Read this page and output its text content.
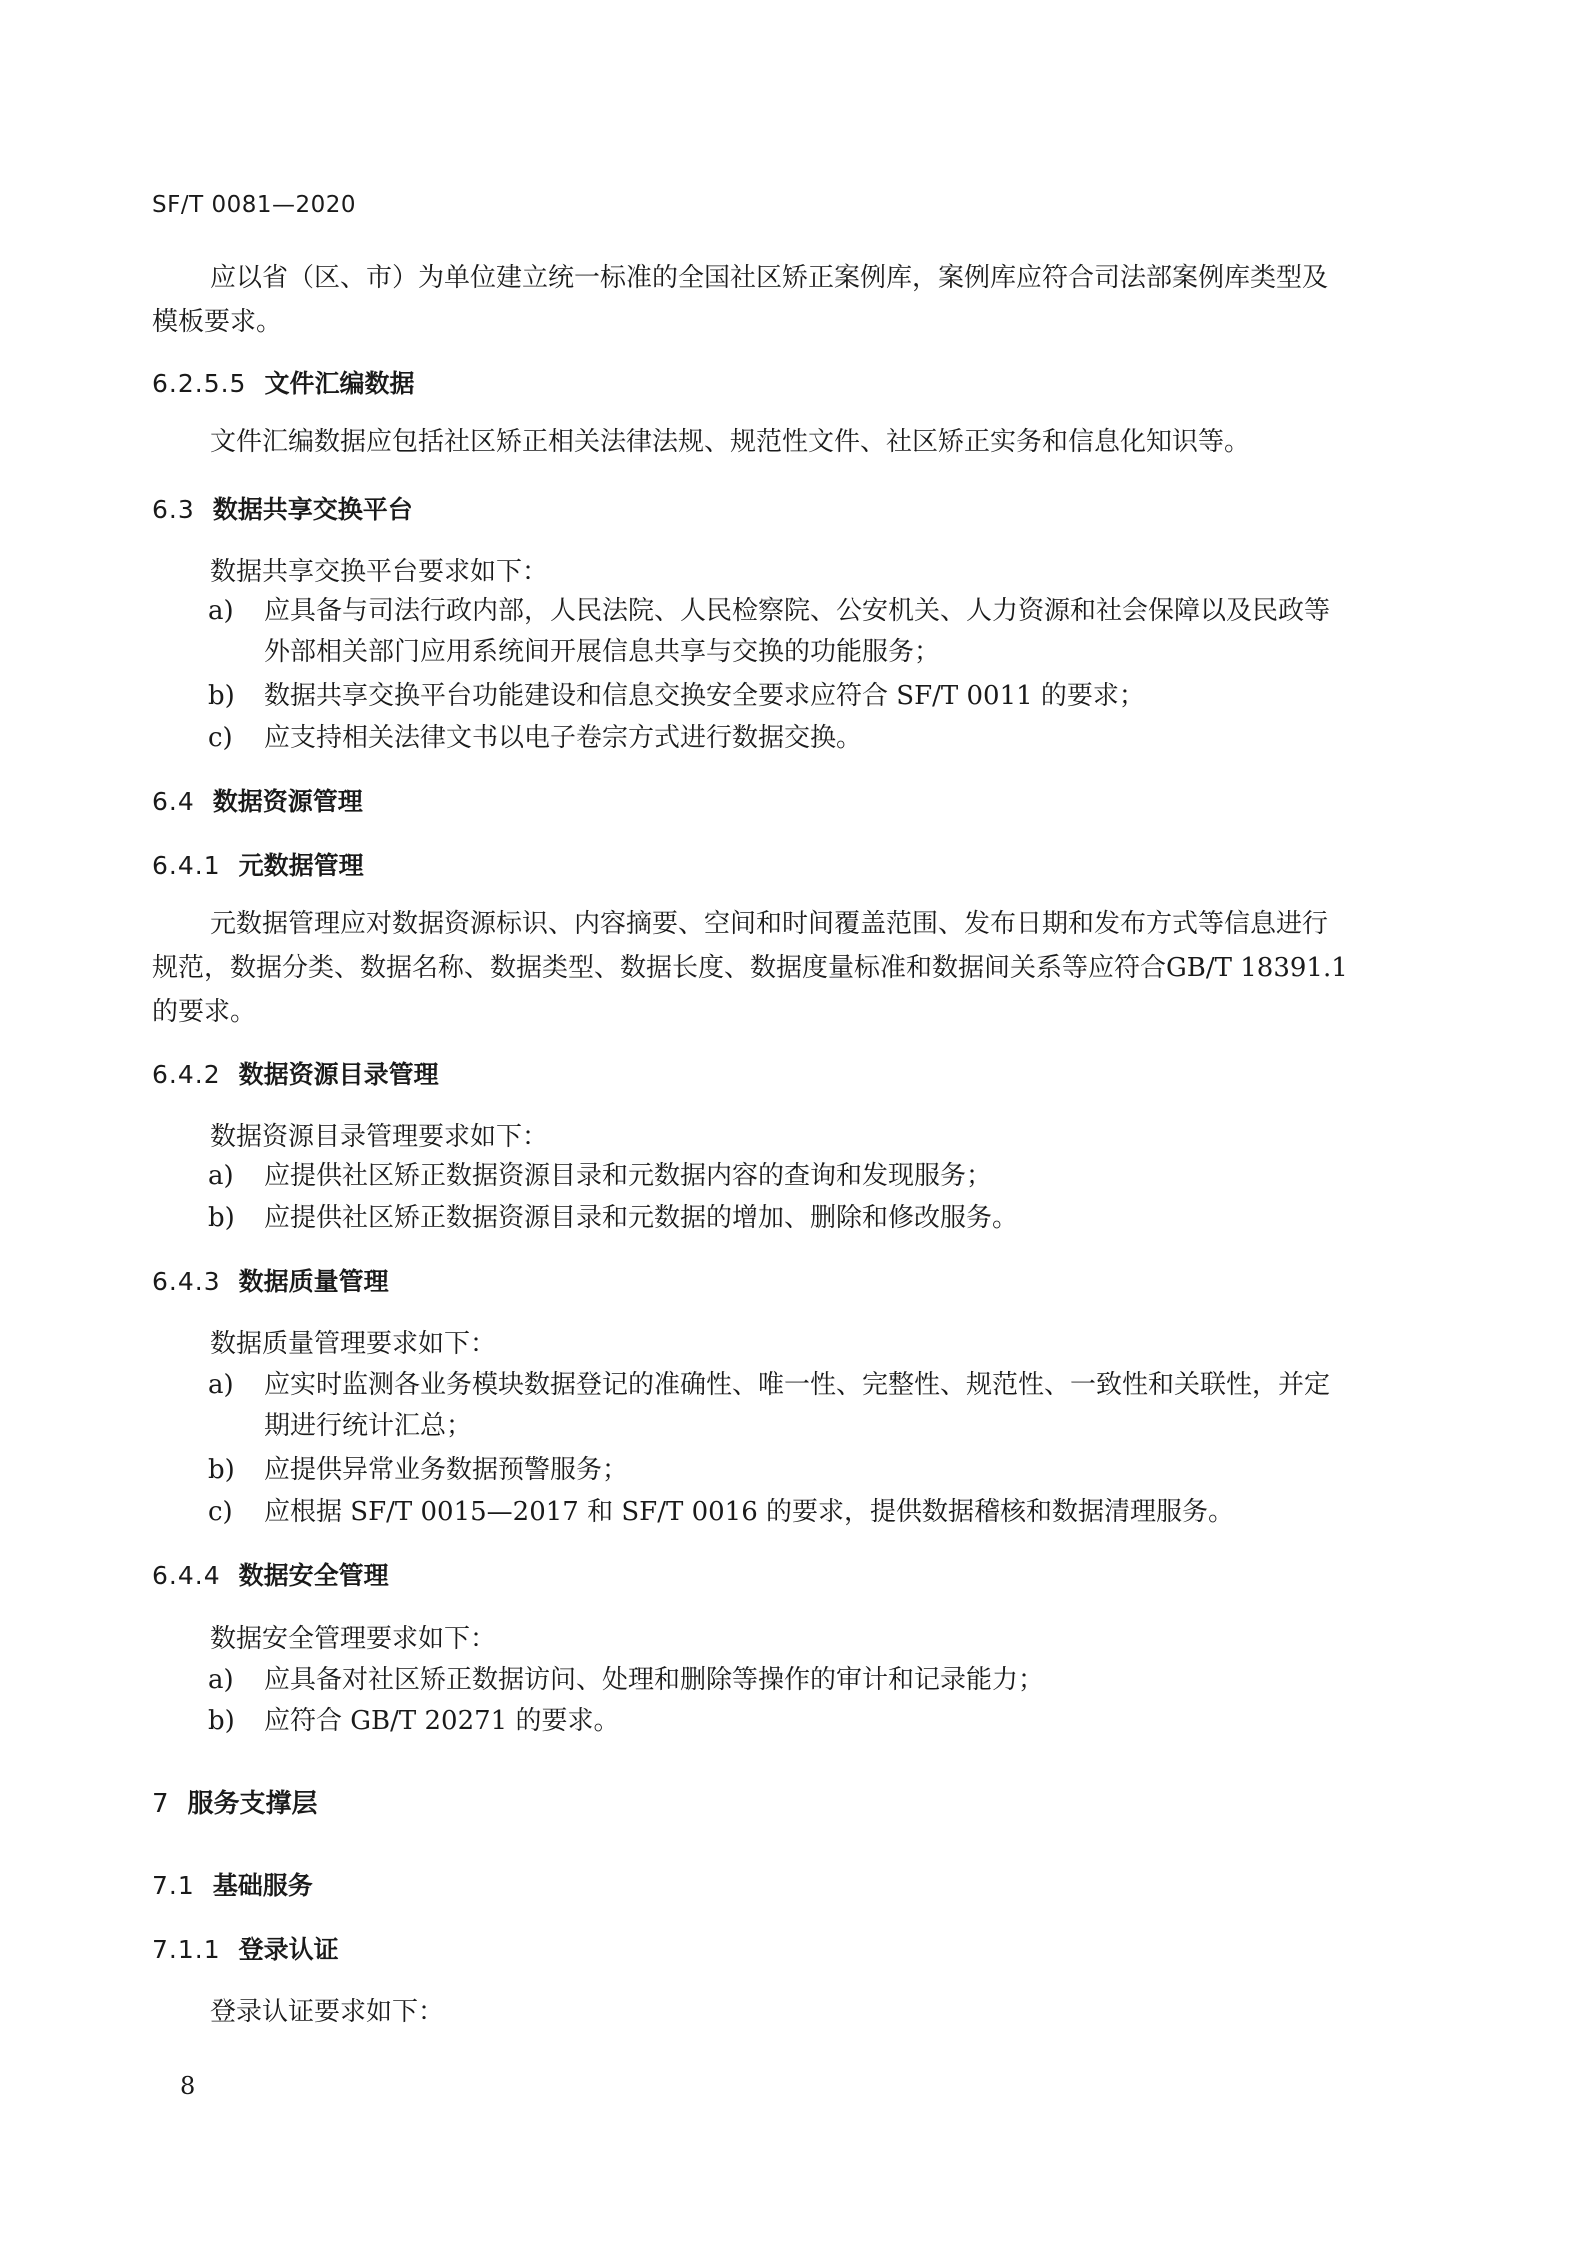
SF/T 0081—2020
应以省（区、市）为单位建立统一标准的全国社区矫正案例库，案例库应符合司法部案例库类型及
模板要求。
6.2.5.5 文件汇编数据
文件汇编数据应包括社区矫正相关法律法规、规范性文件、社区矫正实务和信息化知识等。
6.3 数据共享交换平台
数据共享交换平台要求如下：
a)	应具备与司法行政内部，人民法院、人民检察院、公安机关、人力资源和社会保障以及民政等
外部相关部门应用系统间开展信息共享与交换的功能服务；
b)	数据共享交换平台功能建设和信息交换安全要求应符合 SF/T 0011 的要求；
c)	应支持相关法律文书以电子卷宗方式进行数据交换。
6.4 数据资源管理
6.4.1 元数据管理
元数据管理应对数据资源标识、内容摘要、空间和时间覆盖范围、发布日期和发布方式等信息进行
规范，数据分类、数据名称、数据类型、数据长度、数据度量标准和数据间关系等应符合GB/T 18391.1
的要求。
6.4.2 数据资源目录管理
数据资源目录管理要求如下：
a)	应提供社区矫正数据资源目录和元数据内容的查询和发现服务；
b)	应提供社区矫正数据资源目录和元数据的增加、删除和修改服务。
6.4.3 数据质量管理
数据质量管理要求如下：
a)	应实时监测各业务模块数据登记的准确性、唯一性、完整性、规范性、一致性和关联性，并定
期进行统计汇总；
b)	应提供异常业务数据预警服务；
c)	应根据 SF/T 0015—2017 和 SF/T 0016 的要求，提供数据稽核和数据清理服务。
6.4.4 数据安全管理
数据安全管理要求如下：
a)	应具备对社区矫正数据访问、处理和删除等操作的审计和记录能力；
b)	应符合 GB/T 20271 的要求。
7 服务支撑层
7.1 基础服务
7.1.1 登录认证
登录认证要求如下：
8
